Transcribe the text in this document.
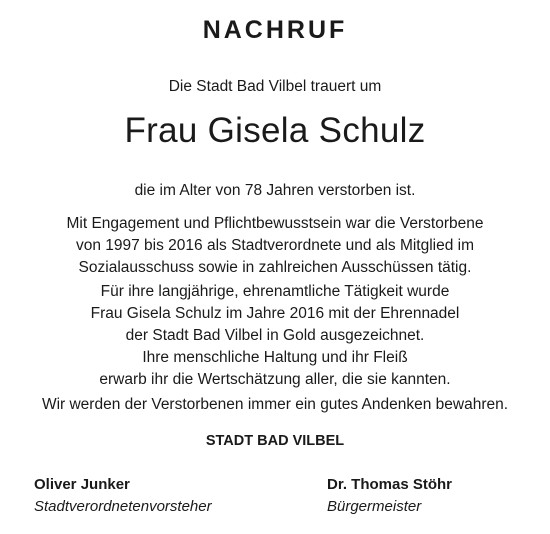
NACHRUF
Die Stadt Bad Vilbel trauert um
Frau Gisela Schulz
die im Alter von 78 Jahren verstorben ist.
Mit Engagement und Pflichtbewusstsein war die Verstorbene
von 1997 bis 2016 als Stadtverordnete und als Mitglied im
Sozialausschuss sowie in zahlreichen Ausschüssen tätig.
Für ihre langjährige, ehrenamtliche Tätigkeit wurde
Frau Gisela Schulz im Jahre 2016 mit der Ehrennadel
der Stadt Bad Vilbel in Gold ausgezeichnet.
Ihre menschliche Haltung und ihr Fleiß
erwarb ihr die Wertschätzung aller, die sie kannten.
Wir werden der Verstorbenen immer ein gutes Andenken bewahren.
STADT BAD VILBEL
Oliver Junker
Stadtverordnetenvorsteher
Dr. Thomas Stöhr
Bürgermeister
